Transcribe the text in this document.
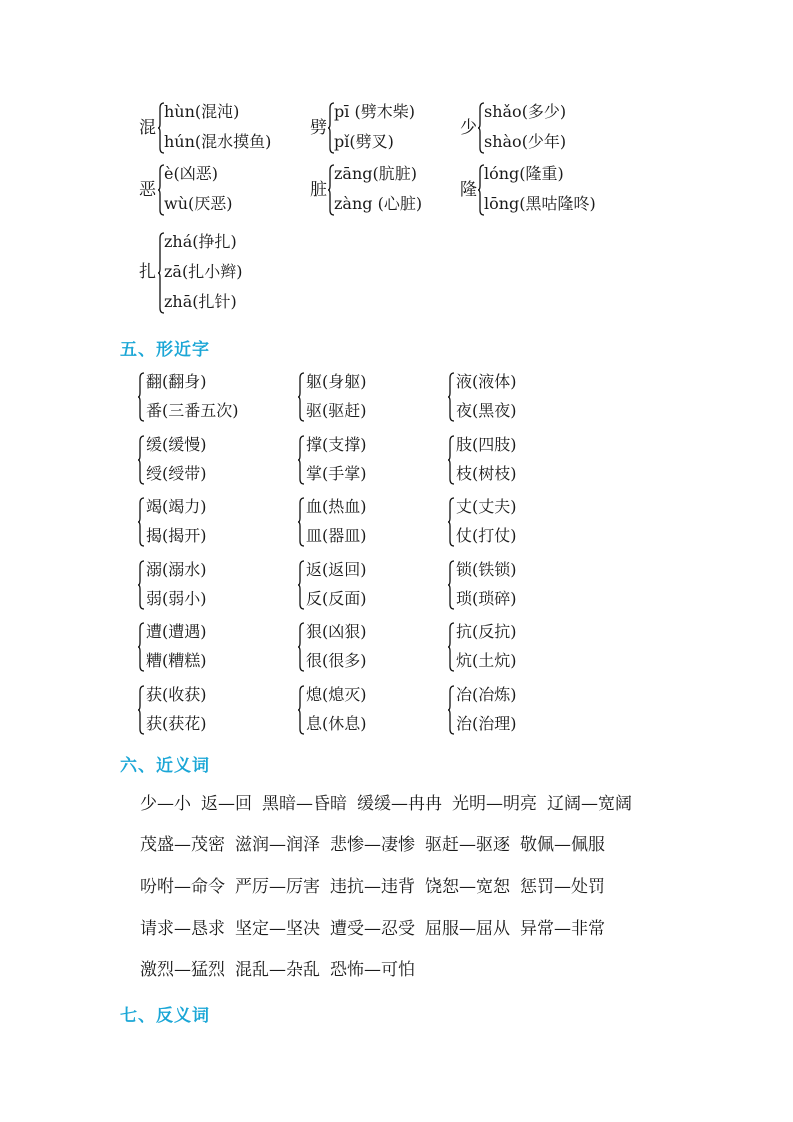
混
hùn(混沌)
hún(混水摸鱼)
劈
pī (劈木柴)
pǐ(劈叉)
少
shǎo(多少)
shào(少年)
恶
è(凶恶)
wù(厌恶)
脏
zāng(肮脏)
zàng (心脏)
隆
lóng(隆重)
lōng(黑咕隆咚)
扎
zhá(挣扎)
zā(扎小辫)
zhā(扎针)
五、形近字
翻(翻身)
番(三番五次)
躯(身躯)
驱(驱赶)
液(液体)
夜(黑夜)
缓(缓慢)
绶(绶带)
撑(支撑)
掌(手掌)
肢(四肢)
枝(树枝)
竭(竭力)
揭(揭开)
血(热血)
皿(器皿)
丈(丈夫)
仗(打仗)
溺(溺水)
弱(弱小)
返(返回)
反(反面)
锁(铁锁)
琐(琐碎)
遭(遭遇)
糟(糟糕)
狠(凶狠)
很(很多)
抗(反抗)
炕(土炕)
获(收获)
获(获花)
熄(熄灭)
息(休息)
冶(冶炼)
治(治理)
六、近义词
少—小 返—回 黑暗—昏暗 缓缓—冉冉 光明—明亮 辽阔—宽阔
茂盛—茂密 滋润—润泽 悲惨—凄惨 驱赶—驱逐 敬佩—佩服
吩咐—命令 严厉—厉害 违抗—违背 饶恕—宽恕 惩罚—处罚
请求—恳求 坚定—坚决 遭受—忍受 屈服—屈从 异常—非常
激烈—猛烈 混乱—杂乱 恐怖—可怕
七、反义词
